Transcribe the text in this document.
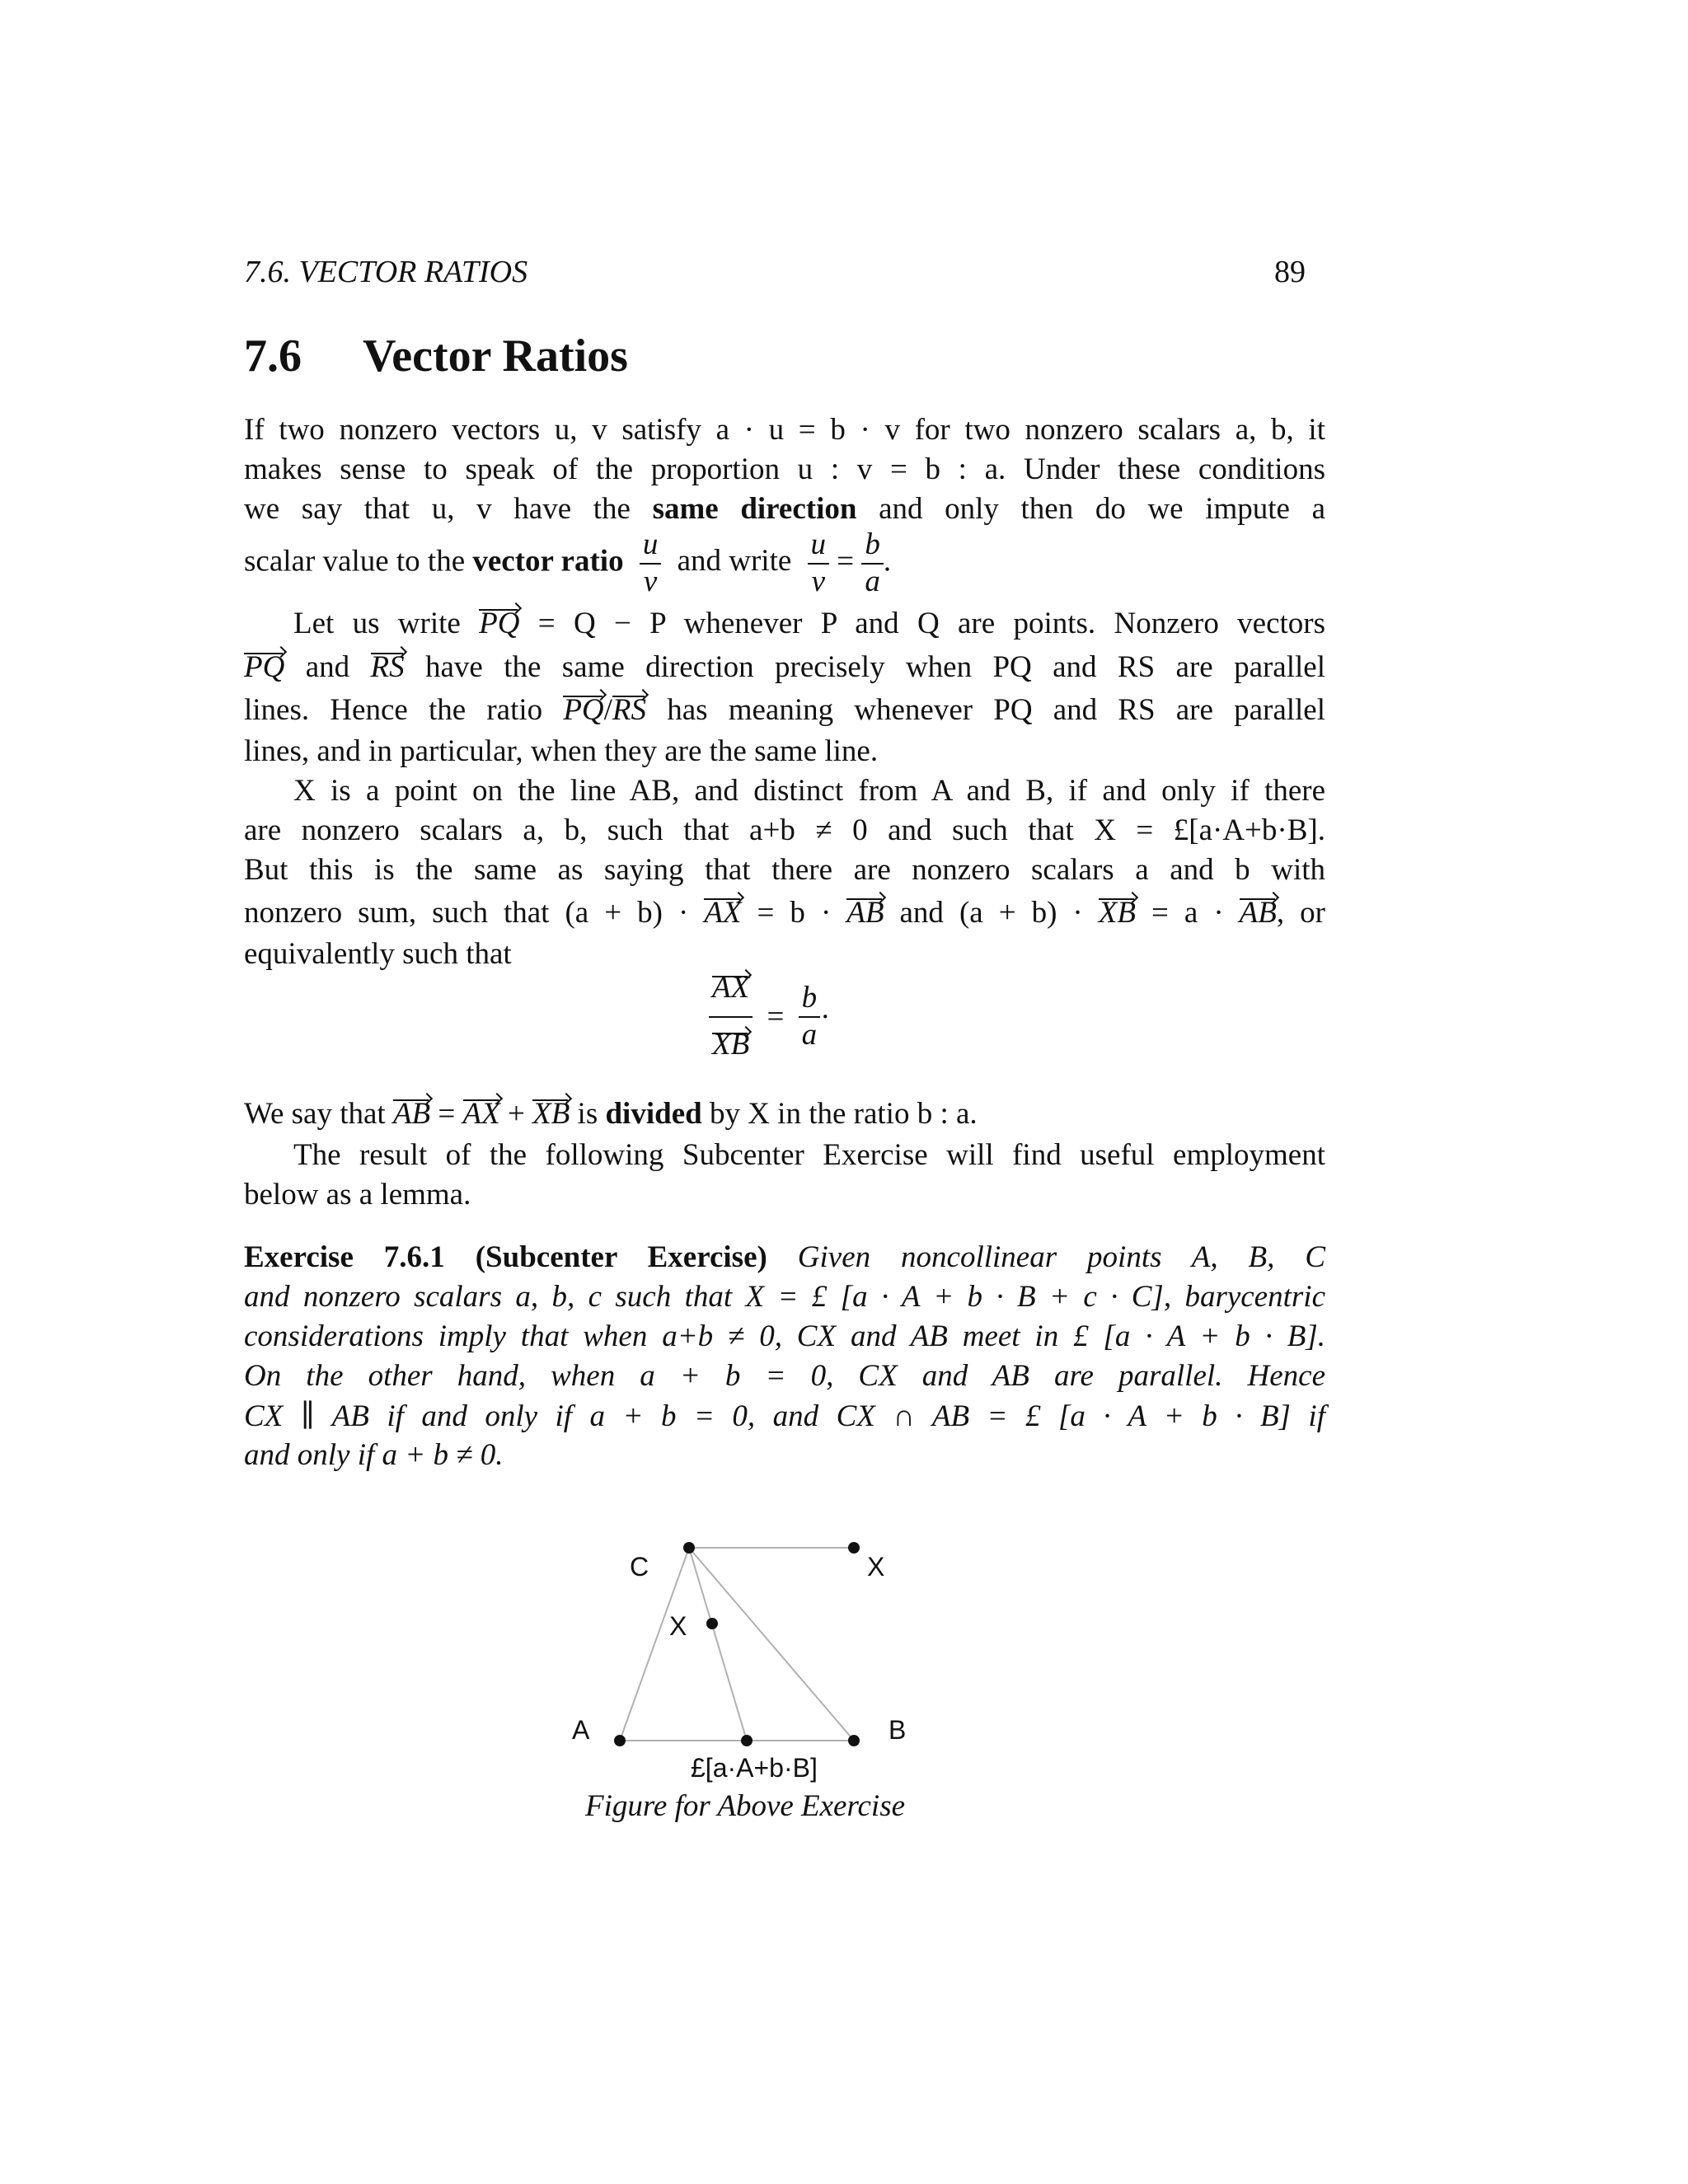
7.6. VECTOR RATIOS	89
7.6 Vector Ratios
If two nonzero vectors u, v satisfy a · u = b · v for two nonzero scalars a, b, it
makes sense to speak of the proportion u : v = b : a. Under these conditions
we say that u, v have the same direction and only then do we impute a
scalar value to the vector ratio $\frac{u}{v}$ and write $\frac{u}{v} = \frac{b}{a}$ .
Let us write PQ = Q − P whenever P and Q are points. Nonzero vectors
PQ and RS have the same direction precisely when PQ and RS are parallel
lines. Hence the ratio PQ/RS has meaning whenever PQ and RS are parallel
lines, and in particular, when they are the same line.
X is a point on the line AB, and distinct from A and B, if and only if there
are nonzero scalars a, b, such that a+b ≠ 0 and such that X = £[a·A+b·B].
But this is the same as saying that there are nonzero scalars a and b with
nonzero sum, such that (a + b) · AX = b · AB and (a + b) · XB = a · AB, or
equivalently such that
$\frac{AX}{XB} = \frac{b}{a}$ ·
We say that AB = AX + XB is divided by X in the ratio b : a.
The result of the following Subcenter Exercise will find useful employment
below as a lemma.
Exercise 7.6.1 (Subcenter Exercise) Given noncollinear points A, B, C
and nonzero scalars a, b, c such that X = £ [a · A + b · B + c · C], barycentric
considerations imply that when a+b ≠ 0, CX and AB meet in £ [a · A + b · B].
On the other hand, when a + b = 0, CX and AB are parallel. Hence
CX ∥ AB if and only if a + b = 0, and CX ∩ AB = £ [a · A + b · B] if
and only if a + b ≠ 0.
C	X
X
A	B
£[a·A+b·B]
Figure for Above Exercise
